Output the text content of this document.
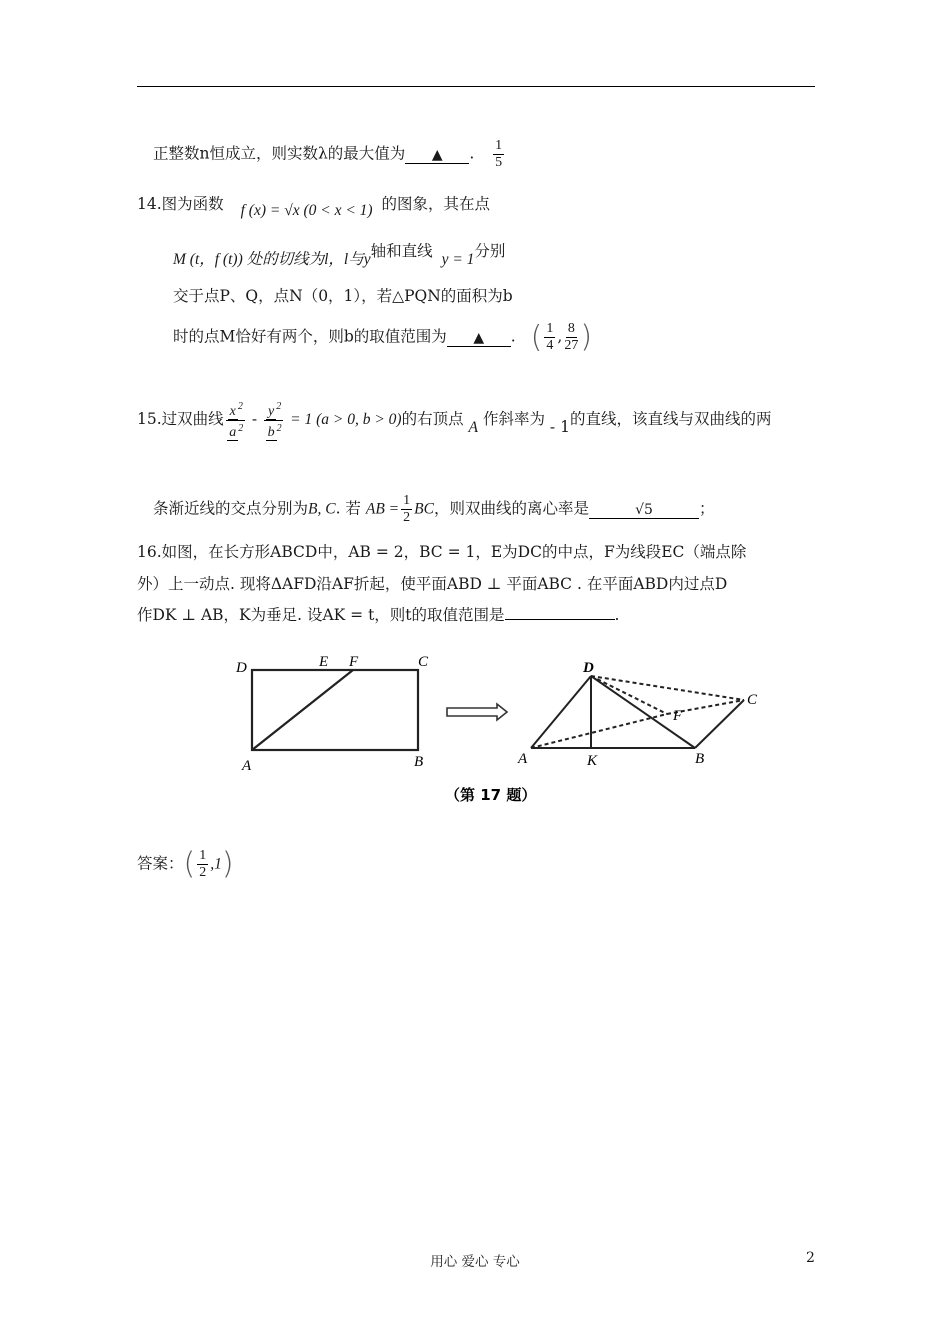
正整数n恒成立，则实数λ的最大值为 ▲ . $\frac{1}{5}$
14.图为函数 f (x) = √x (0 < x < 1) 的图象，其在点
M (t，f (t)) 处的切线为l，l与y轴和直线 y = 1分别
交于点P、Q，点N（0，1），若△PQN的面积为b
时的点M恰好有两个，则b的取值范围为 ▲ . ( $\frac{1}{4}$ , $\frac{8}{27}$ )
15.过双曲线 $\frac{x ^2}{a ^2} - \frac{y ^2}{b ^2} = 1$ (a > 0, b > 0)的右顶点 A 作斜率为 - 1的直线，该直线与双曲线的两
条渐近线的交点分别为B, C. 若 AB = $\frac{1}{2}$ BC，则双曲线的离心率是	√5	；
16.如图，在长方形ABCD中，AB = 2，BC = 1，E为DC的中点，F为线段EC（端点除
外）上一动点. 现将ΔAFD沿AF折起，使平面ABD ⊥ 平面ABC . 在平面ABD内过点D
作DK ⊥ AB，K为垂足. 设AK = t，则t的取值范围是	.
D	E F	C
A	B
D
C
F
A	K	B
（第 17 题）
答案：( $\frac{1}{2} ,1$)
用心 爱心 专心	2
